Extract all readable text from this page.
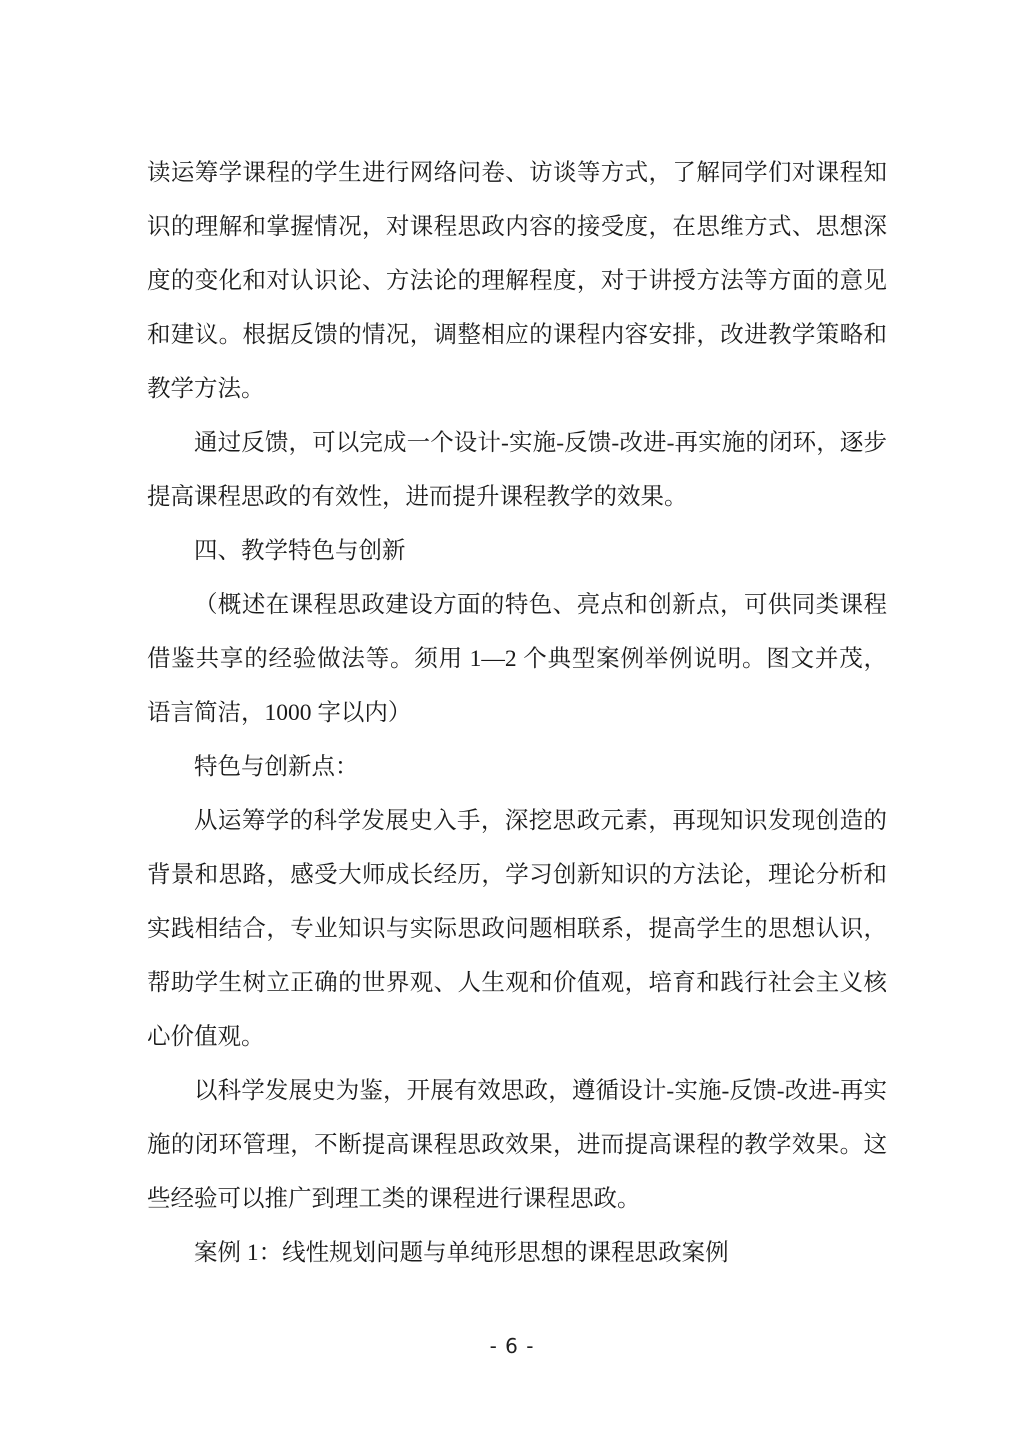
读运筹学课程的学生进行网络问卷、访谈等方式，了解同学们对课程知识的理解和掌握情况，对课程思政内容的接受度，在思维方式、思想深度的变化和对认识论、方法论的理解程度，对于讲授方法等方面的意见和建议。根据反馈的情况，调整相应的课程内容安排，改进教学策略和教学方法。

通过反馈，可以完成一个设计-实施-反馈-改进-再实施的闭环，逐步提高课程思政的有效性，进而提升课程教学的效果。

四、教学特色与创新

（概述在课程思政建设方面的特色、亮点和创新点，可供同类课程借鉴共享的经验做法等。须用 1—2 个典型案例举例说明。图文并茂，语言简洁，1000 字以内）

特色与创新点：

从运筹学的科学发展史入手，深挖思政元素，再现知识发现创造的背景和思路，感受大师成长经历，学习创新知识的方法论，理论分析和实践相结合，专业知识与实际思政问题相联系，提高学生的思想认识，帮助学生树立正确的世界观、人生观和价值观，培育和践行社会主义核心价值观。

以科学发展史为鉴，开展有效思政，遵循设计-实施-反馈-改进-再实施的闭环管理，不断提高课程思政效果，进而提高课程的教学效果。这些经验可以推广到理工类的课程进行课程思政。

案例 1：线性规划问题与单纯形思想的课程思政案例

- 6 -
